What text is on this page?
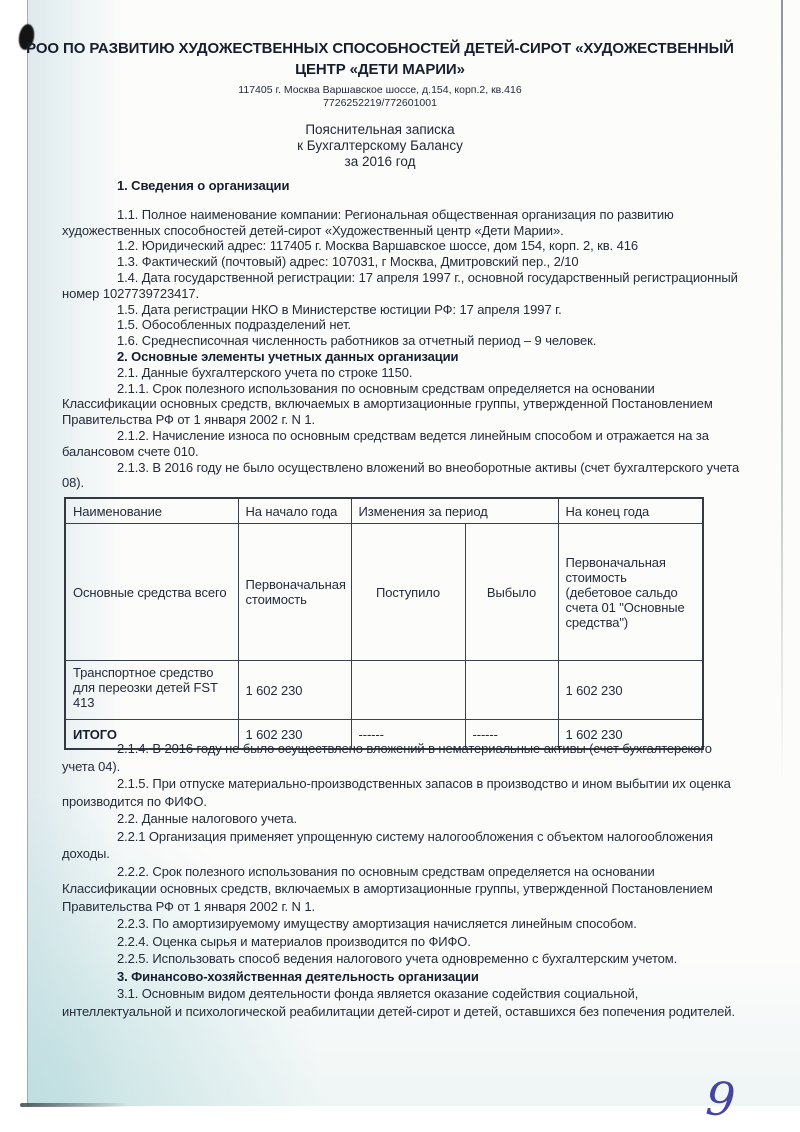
РОО ПО РАЗВИТИЮ ХУДОЖЕСТВЕННЫХ СПОСОБНОСТЕЙ ДЕТЕЙ-СИРОТ «ХУДОЖЕСТВЕННЫЙ
ЦЕНТР «ДЕТИ МАРИИ»
117405 г. Москва Варшавское шоссе, д.154, корп.2, кв.416
7726252219/772601001
Пояснительная записка
к Бухгалтерскому Балансу
за 2016 год

1. Сведения о организации

1.1. Полное наименование компании: Региональная общественная организация по развитию художественных способностей детей-сирот «Художественный центр «Дети Марии».

1.2. Юридический адрес: 117405 г. Москва Варшавское шоссе, дом 154, корп. 2, кв. 416

1.3. Фактический (почтовый) адрес: 107031, г Москва, Дмитровский пер., 2/10

1.4. Дата государственной регистрации: 17 апреля 1997 г., основной государственный регистрационный номер 1027739723417.

1.5. Дата регистрации НКО в Министерстве юстиции РФ: 17 апреля 1997 г.

1.5. Обособленных подразделений нет.

1.6. Среднесписочная численность работников за отчетный период – 9 человек.

2. Основные элементы учетных данных организации

2.1. Данные бухгалтерского учета по строке 1150.

2.1.1. Срок полезного использования по основным средствам определяется на основании Классификации основных средств, включаемых в амортизационные группы, утвержденной Постановлением Правительства РФ от 1 января 2002 г. N 1.

2.1.2. Начисление износа по основным средствам ведется линейным способом и отражается на за балансовом счете 010.

2.1.3. В 2016 году не было осуществлено вложений во внеоборотные активы (счет бухгалтерского учета 08).

Наименование	На начало года	Изменения за период		На конец года
Основные средства всего	Первоначальная стоимость	Поступило	Выбыло	Первоначальная стоимость (дебетовое сальдо счета 01 "Основные средства")
Транспортное средство для переозки детей FST 413	1 602 230			1 602 230
ИТОГО	1 602 230	------	------	1 602 230

2.1.4. В 2016 году не было осуществлено вложений в нематериальные активы (счет бухгалтерского учета 04).

2.1.5. При отпуске материально-производственных запасов в производство и ином выбытии их оценка производится по ФИФО.

2.2. Данные налогового учета.

2.2.1 Организация применяет упрощенную систему налогообложения с объектом налогообложения доходы.

2.2.2. Срок полезного использования по основным средствам определяется на основании Классификации основных средств, включаемых в амортизационные группы, утвержденной Постановлением Правительства РФ от 1 января 2002 г. N 1.

2.2.3. По амортизируемому имуществу амортизация начисляется линейным способом.

2.2.4. Оценка сырья и материалов производится по ФИФО.

2.2.5. Использовать способ ведения налогового учета одновременно с бухгалтерским учетом.

3. Финансово-хозяйственная деятельность организации

3.1. Основным видом деятельности фонда является оказание содействия социальной, интеллектуальной и психологической реабилитации детей-сирот и детей, оставшихся без попечения родителей.

9
